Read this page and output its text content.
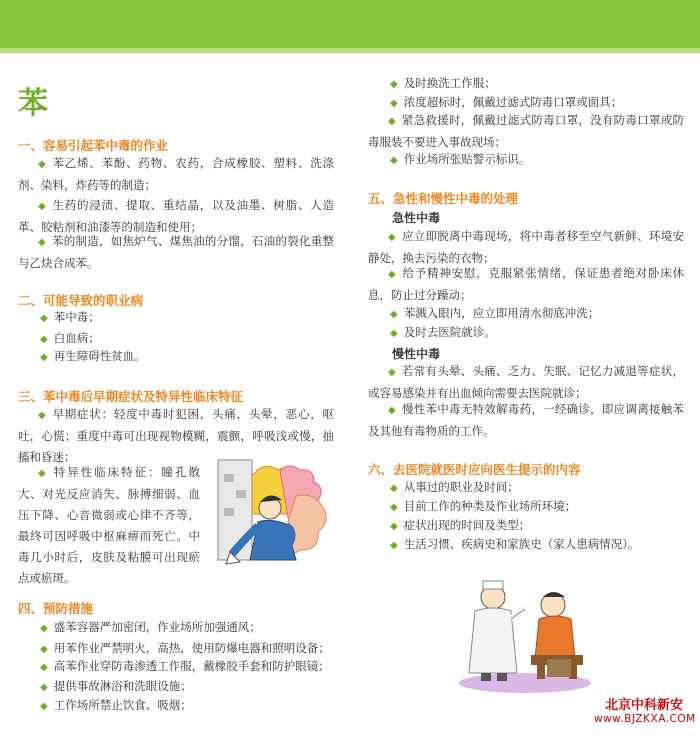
苯
一、容易引起苯中毒的作业
◆ 苯乙烯、苯酚、药物、农药，合成橡胶、塑料、洗涤剂、染料，炸药等的制造；
◆ 生药的浸渍、提取、重结晶，以及油墨、树脂、人造革、胶粘剂和油漆等的制造和使用；
◆ 苯的制造，如焦炉气、煤焦油的分馏，石油的裂化重整与乙炔合成苯。
二、可能导致的职业病
◆ 苯中毒；
◆ 白血病；
◆ 再生障碍性贫血。
三、苯中毒后早期症状及特异性临床特征
◆ 早期症状：轻度中毒时犯困，头痛，头晕，恶心，呕吐，心慌；重度中毒可出现视物模糊，震颤，呼吸浅或慢，抽搐和昏迷；
◆ 特异性临床特征：瞳孔散大、对光反应消失、脉搏细弱、血压下降、心音微弱或心律不齐等，最终可因呼吸中枢麻痹而死亡。中毒几小时后，皮肤及粘膜可出现瘀点或瘀斑。
四、预防措施
◆ 盛苯容器严加密闭，作业场所加强通风；
◆ 用苯作业严禁明火，高热，使用防爆电器和照明设备；
◆ 高苯作业穿防毒渗透工作服，戴橡胶手套和防护眼镜；
◆ 提供事故淋浴和洗眼设施；
◆ 工作场所禁止饮食、吸烟；
◆ 及时换洗工作服；
◆ 浓度超标时，佩戴过滤式防毒口罩或面具；
◆ 紧急救援时，佩戴过滤式防毒口罩，没有防毒口罩或防毒服装不要进入事故现场；
◆ 作业场所张贴警示标识。
五、急性和慢性中毒的处理
急性中毒
◆ 应立即脱离中毒现场，将中毒者移至空气新鲜、环境安静处，换去污染的衣物；
◆ 给予精神安慰，克服紧张情绪，保证患者绝对卧床休息，防止过分躁动；
◆ 苯溅入眼内，应立即用清水彻底冲洗；
◆ 及时去医院就诊。
慢性中毒
◆ 若常有头晕、头痛、乏力、失眠、记忆力减退等症状，或容易感染并有出血倾向需要去医院就诊；
◆ 慢性苯中毒无特效解毒药，一经确诊，即应调离接触苯及其他有毒物质的工作。
六、去医院就医时应向医生提示的内容
◆ 从事过的职业及时间；
◆ 目前工作的种类及作业场所环境；
◆ 症状出现的时间及类型；
◆ 生活习惯、疾病史和家族史（家人患病情况）。
北京中科新安
www.BJZKXA.COM
